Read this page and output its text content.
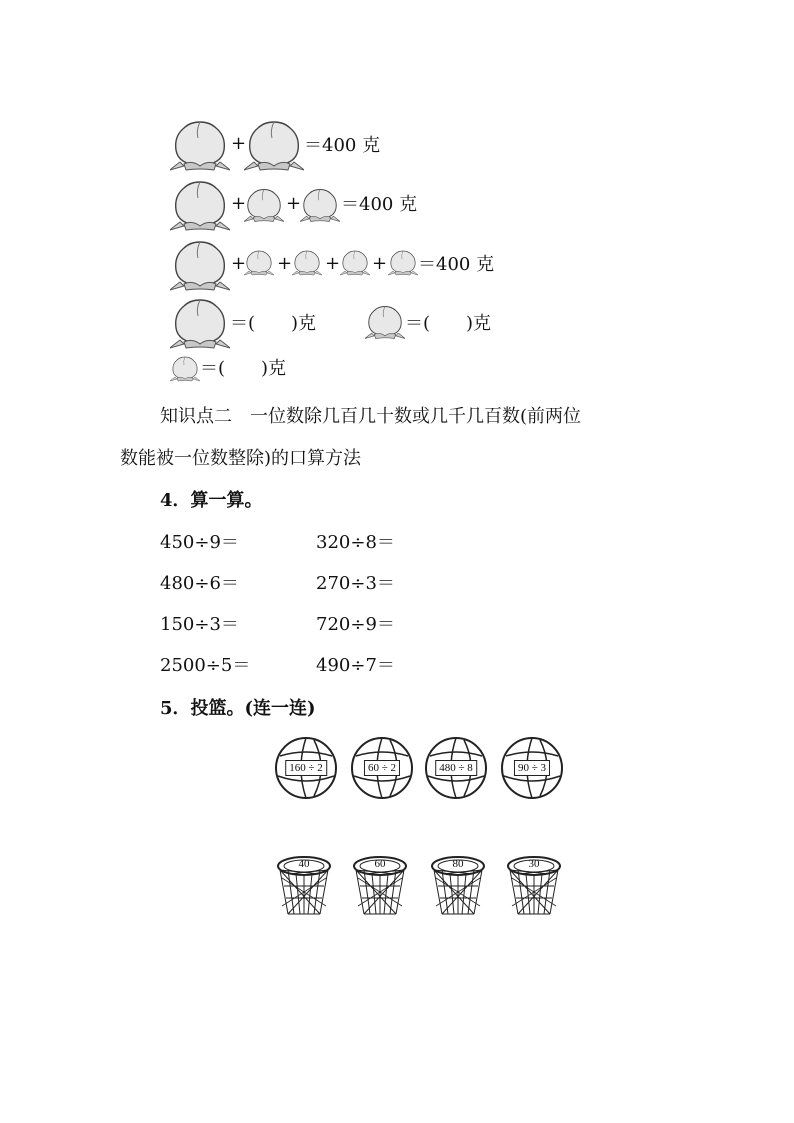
+	＝400 克
+ + ＝400 克
+ + + + ＝400 克
＝(　　)克	＝(　　)克
＝(　　)克
知识点二　一位数除几百几十数或几千几百数(前两位
数能被一位数整除)的口算方法
4．算一算。
450÷9＝	320÷8＝
480÷6＝	270÷3＝
150÷3＝	720÷9＝
2500÷5＝	490÷7＝
5．投篮。(连一连)
160 ÷ 2	60 ÷ 2	480 ÷ 8	90 ÷ 3
40	60	80	30
